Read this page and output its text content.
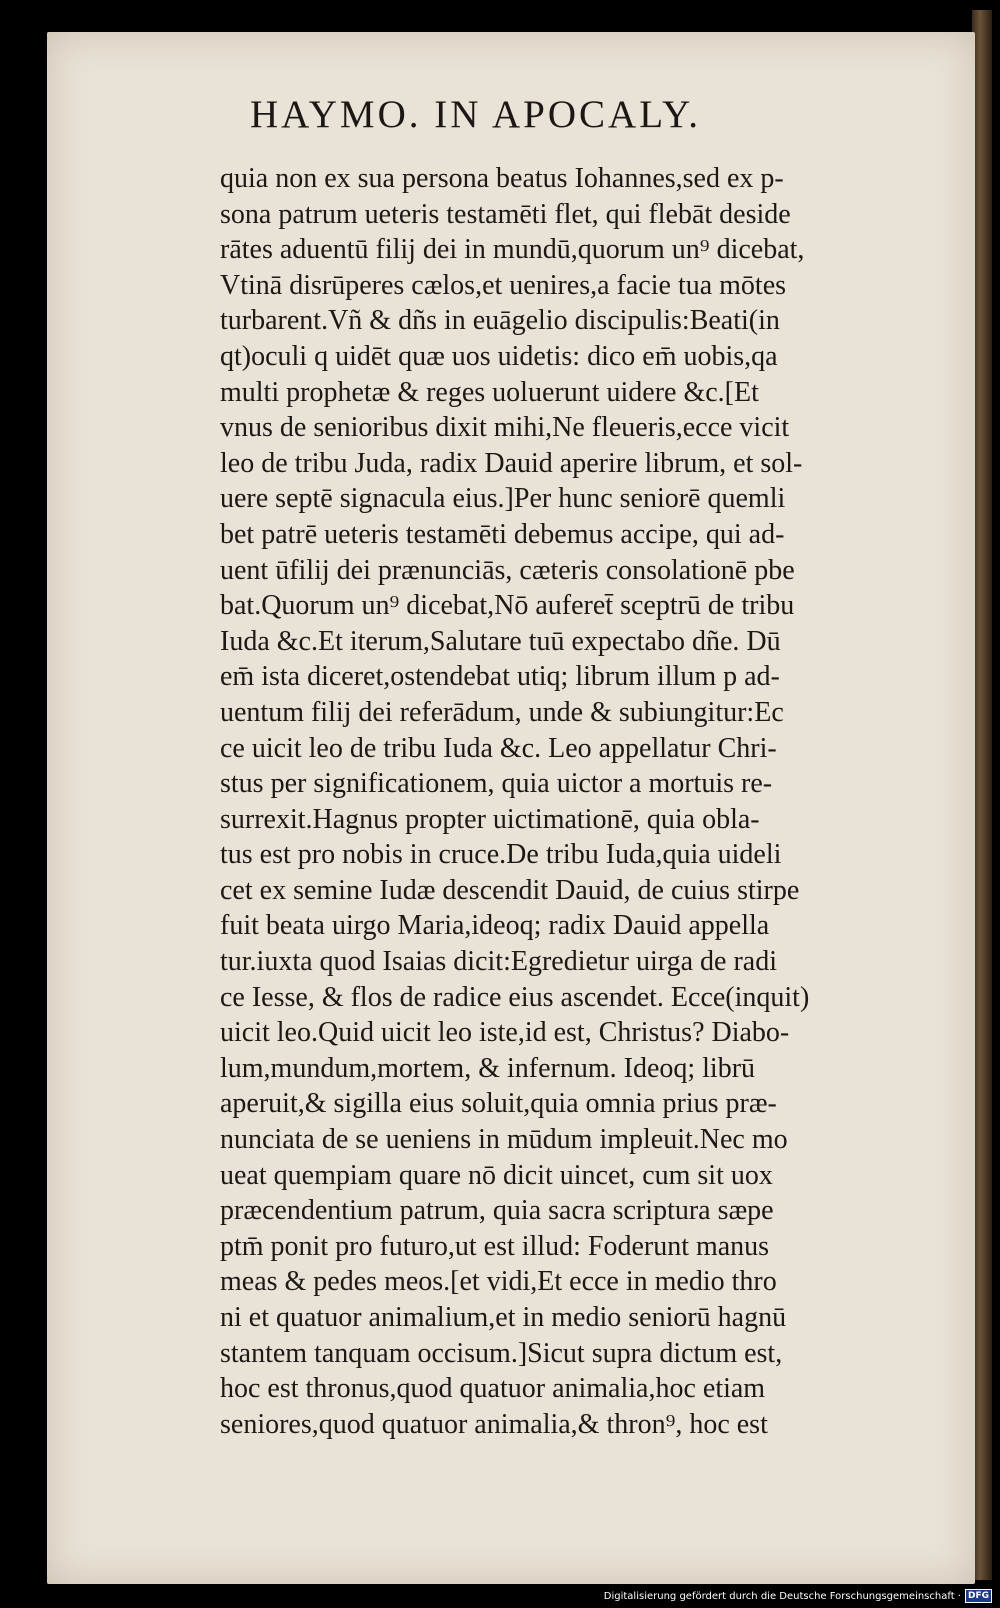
HAYMO. IN APOCALY.
quia non ex sua persona beatus Iohannes,sed ex p-
sona patrum ueteris testamēti flet, qui flebāt deside
rātes aduentū filij dei in mundū,quorum un⁹ dicebat,
Vtinā disrūperes cælos,et uenires,a facie tua mōtes
turbarent.Vñ & dñs in euāgelio discipulis:Beati(in
qt)oculi q uidēt quæ uos uidetis: dico em̄ uobis,qa
multi prophetæ & reges uoluerunt uidere &c.[Et
vnus de senioribus dixit mihi,Ne fleueris,ecce vicit
leo de tribu Juda, radix Dauid aperire librum, et sol-
uere septē signacula eius.]Per hunc seniorē quemli
bet patrē ueteris testamēti debemus accipe, qui ad-
uent ūfilij dei prænunciās, cæteris consolationē pbe
bat.Quorum un⁹ dicebat,Nō auferet̄ sceptrū de tribu
Iuda &c.Et iterum,Salutare tuū expectabo dñe. Dū
em̄ ista diceret,ostendebat utiq; librum illum p ad-
uentum filij dei referādum, unde & subiungitur:Ec
ce uicit leo de tribu Iuda &c. Leo appellatur Chri-
stus per significationem, quia uictor a mortuis re-
surrexit.Hagnus propter uictimationē, quia obla-
tus est pro nobis in cruce.De tribu Iuda,quia uideli
cet ex semine Iudæ descendit Dauid, de cuius stirpe
fuit beata uirgo Maria,ideoq; radix Dauid appella
tur.iuxta quod Isaias dicit:Egredietur uirga de radi
ce Iesse, & flos de radice eius ascendet. Ecce(inquit)
uicit leo.Quid uicit leo iste,id est, Christus? Diabo-
lum,mundum,mortem, & infernum. Ideoq; librū
aperuit,& sigilla eius soluit,quia omnia prius præ-
nunciata de se ueniens in mūdum impleuit.Nec mo
ueat quempiam quare nō dicit uincet, cum sit uox
præcendentium patrum, quia sacra scriptura sæpe
ptm̄ ponit pro futuro,ut est illud: Foderunt manus
meas & pedes meos.[et vidi,Et ecce in medio thro
ni et quatuor animalium,et in medio seniorū hagnū
stantem tanquam occisum.]Sicut supra dictum est,
hoc est thronus,quod quatuor animalia,hoc etiam
seniores,quod quatuor animalia,& thron⁹, hoc est
Digitalisierung gefördert durch die Deutsche Forschungsgemeinschaft · DFG
